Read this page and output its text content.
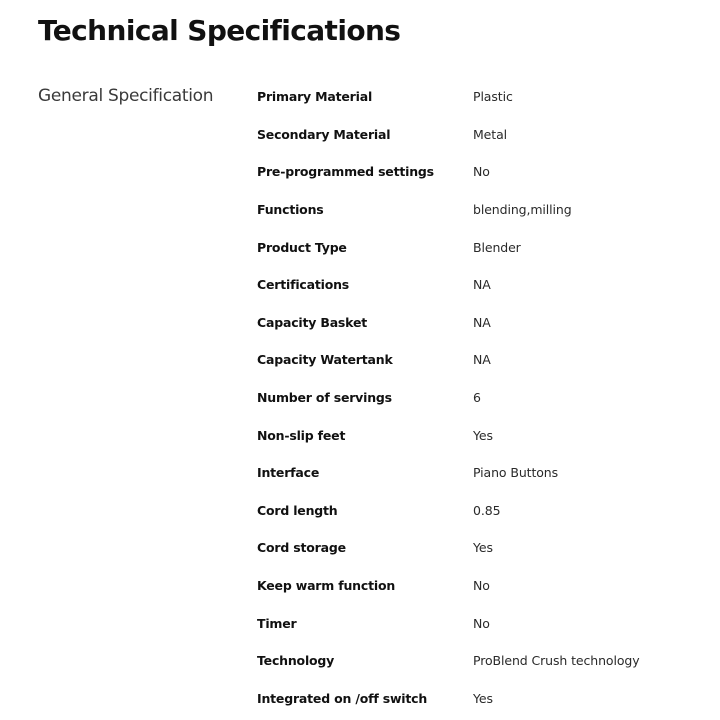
Technical Specifications
General Specification	Primary Material	Plastic
Secondary Material	Metal
Pre-programmed settings	No
Functions	blending,milling
Product Type	Blender
Certifications	NA
Capacity Basket	NA
Capacity Watertank	NA
Number of servings	6
Non-slip feet	Yes
Interface	Piano Buttons
Cord length	0.85
Cord storage	Yes
Keep warm function	No
Timer	No
Technology	ProBlend Crush technology
Integrated on /off switch	Yes
